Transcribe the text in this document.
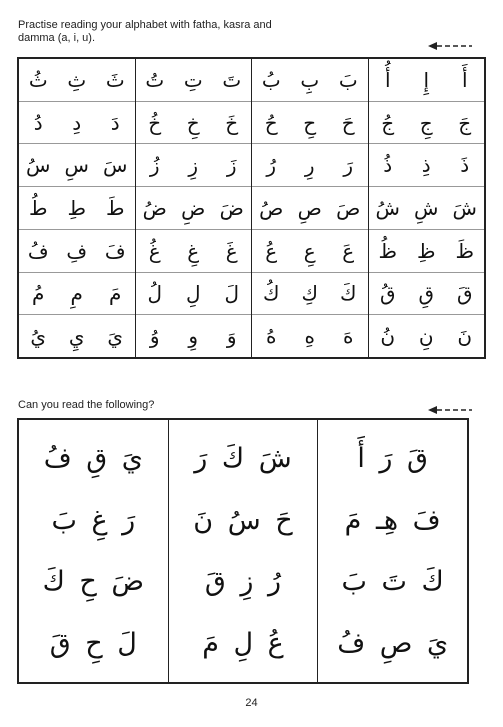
Practise reading your alphabet with fatha, kasra and damma (a, i, u).
أَ
إِ
أُ
جَ
جِ
جُ
ذَ
ذِ
ذُ
شَ
شِ
شُ
ظَ
ظِ
ظُ
قَ
قِ
قُ
نَ
نِ
نُ
بَ
بِ
بُ
حَ
حِ
حُ
رَ
رِ
رُ
صَ
صِ
صُ
عَ
عِ
عُ
كَ
كِ
كُ
هَ
هِ
هُ
تَ
تِ
تُ
خَ
خِ
خُ
زَ
زِ
زُ
ضَ
ضِ
ضُ
غَ
غِ
غُ
لَ
لِ
لُ
وَ
وِ
وُ
ثَ
ثِ
ثُ
دَ
دِ
دُ
سَ
سِ
سُ
طَ
طِ
طُ
فَ
فِ
فُ
مَ
مِ
مُ
يَ
يِ
يُ
Can you read the following?
قَ رَ أَ
فَ هِـ مَ
كَ تَ بَ
يَ صِ فُ
شَ كَ رَ
حَ سُ نَ
رُ زِ قَ
عُ لِ مَ
يَ قِ فُ
رَ غِ بَ
ضَ حِ كَ
لَ حِ قَ
24
